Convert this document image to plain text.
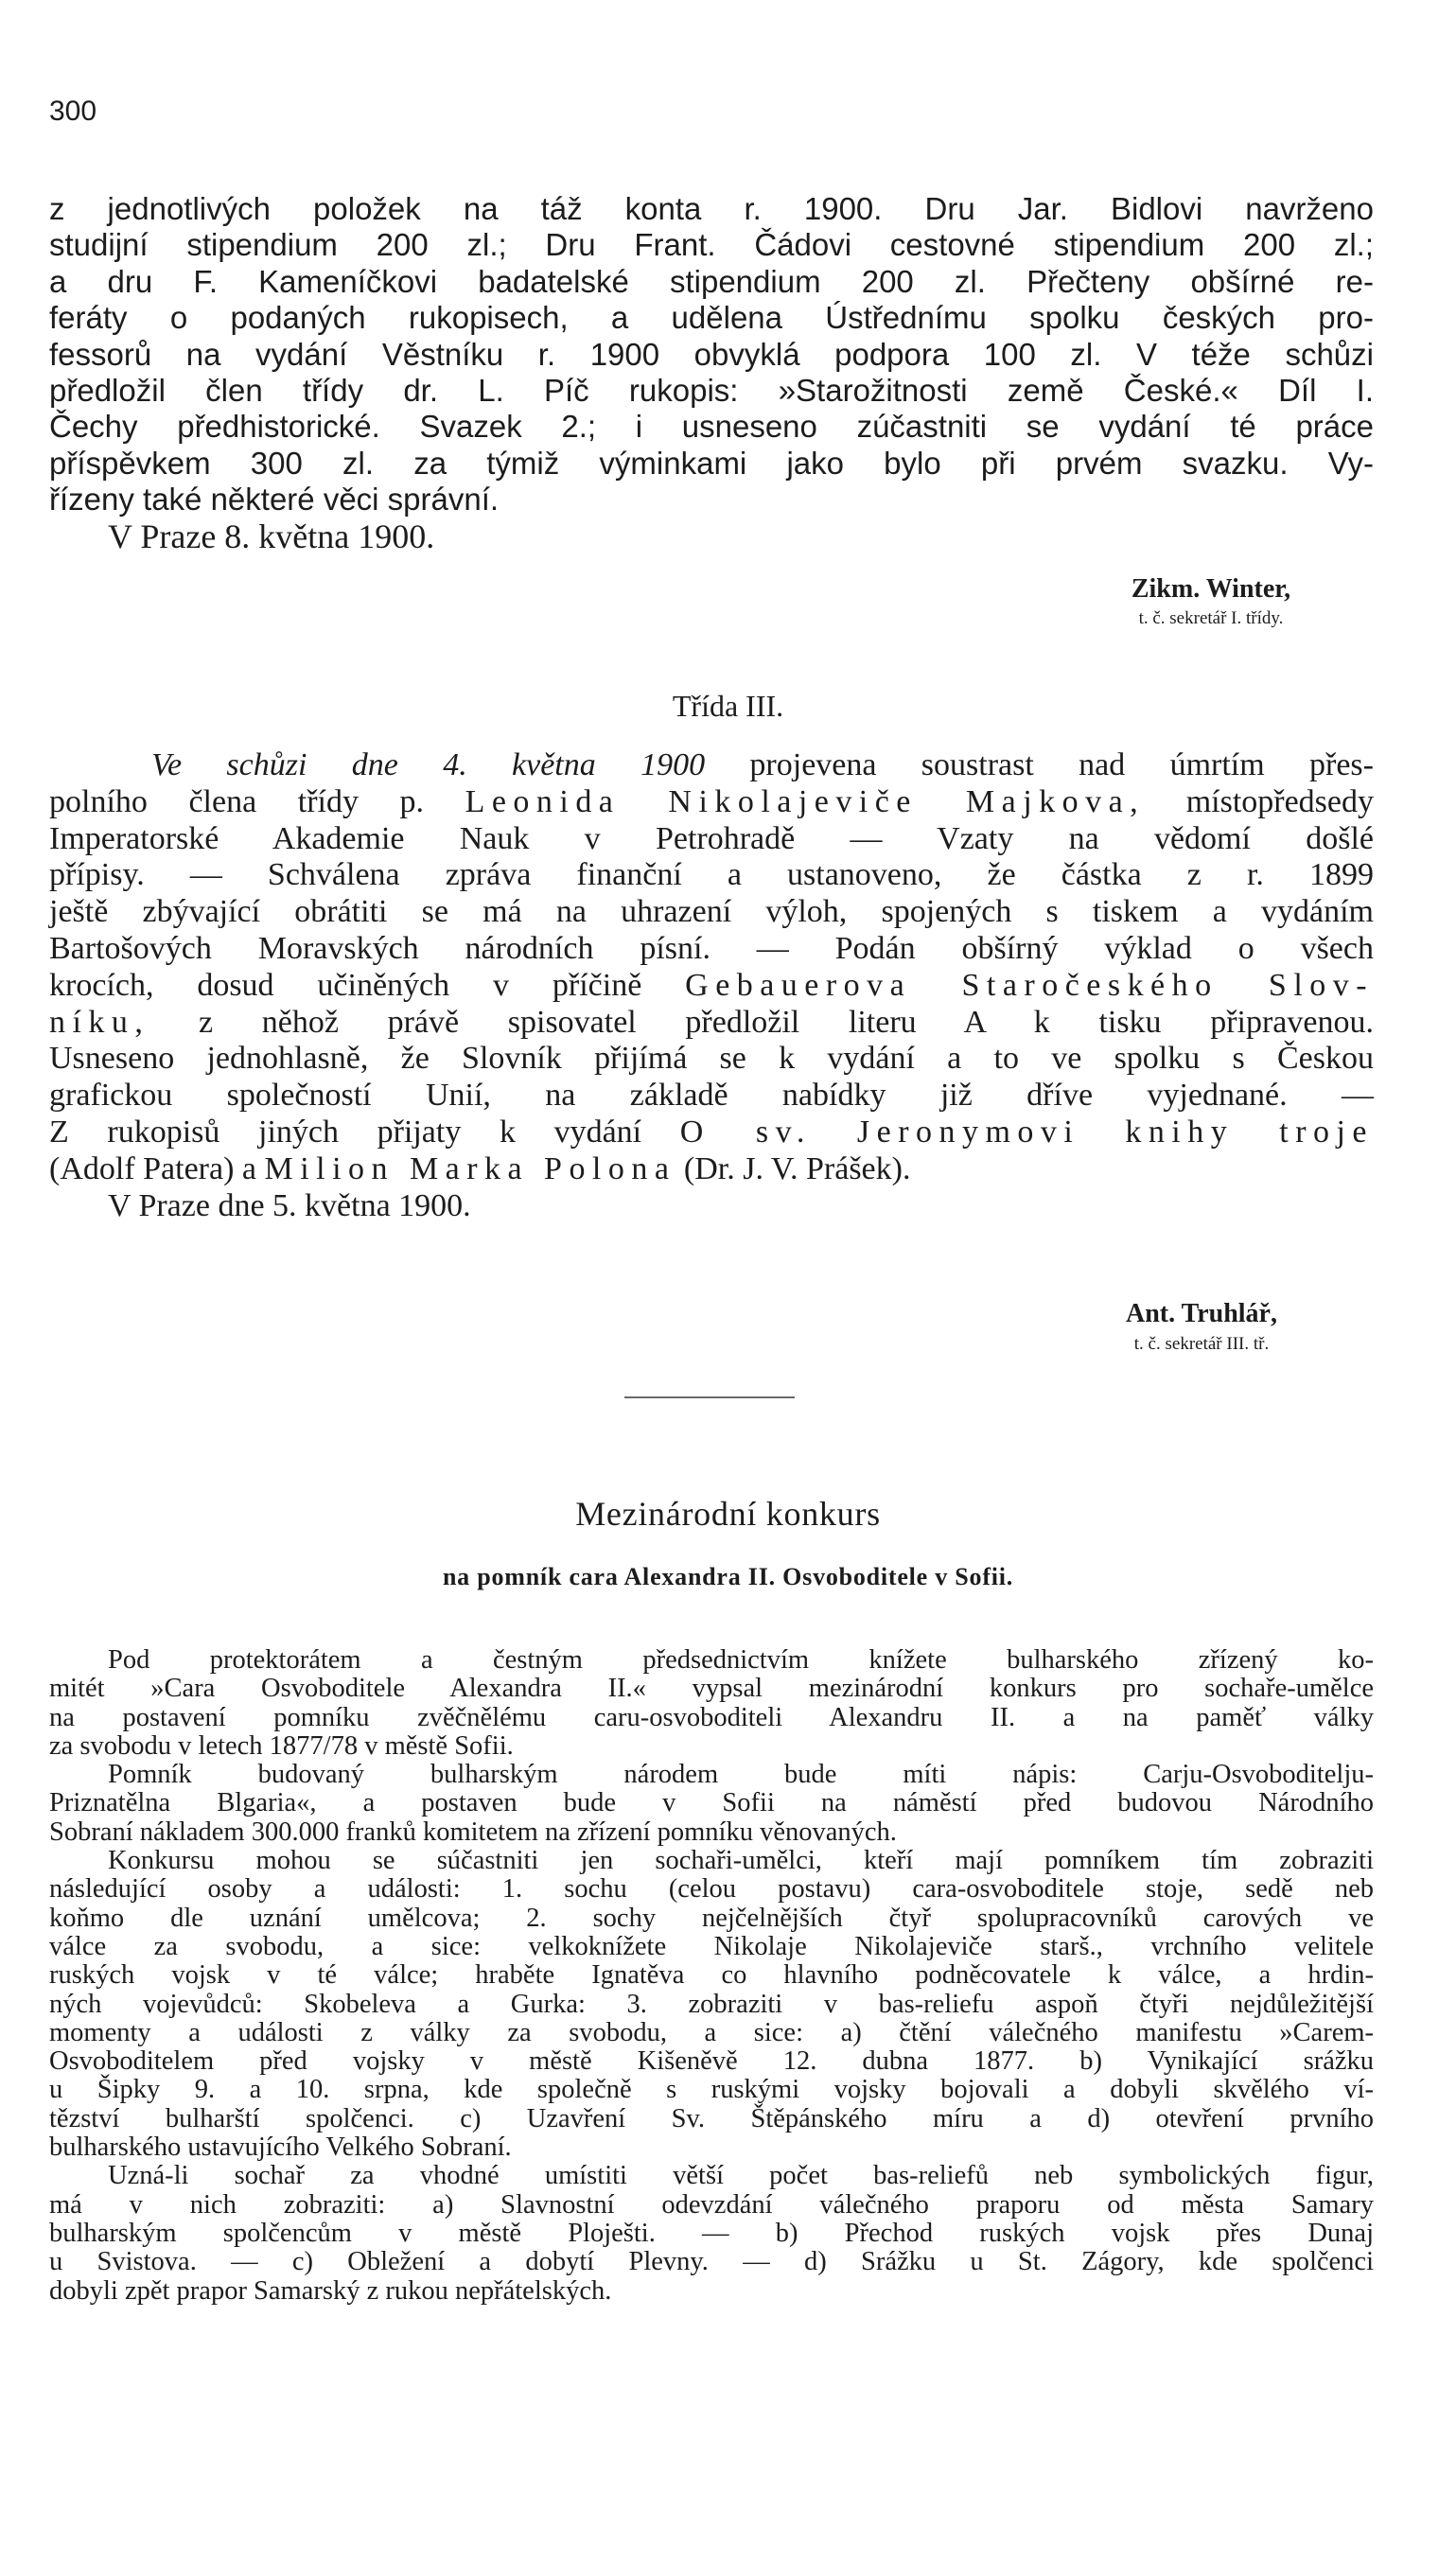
300
z jednotlivých položek na táž konta r. 1900. Dru Jar. Bidlovi navrženo
studijní stipendium 200 zl.; Dru Frant. Čádovi cestovné stipendium 200 zl.;
a dru F. Kameníčkovi badatelské stipendium 200 zl. Přečteny obšírné re-
feráty o podaných rukopisech, a udělena Ústřednímu spolku českých pro-
fessorů na vydání Věstníku r. 1900 obvyklá podpora 100 zl. V téže schůzi
předložil člen třídy dr. L. Píč rukopis: »Starožitnosti země České.« Díl I.
Čechy předhistorické. Svazek 2.; i usneseno zúčastniti se vydání té práce
příspěvkem 300 zl. za týmiž výminkami jako bylo při prvém svazku. Vy-
řízeny také některé věci správní.
V Praze 8. května 1900.
Zikm. Winter,
t. č. sekretář I. třídy.
Třída III.
Ve schůzi dne 4. května 1900 projevena soustrast nad úmrtím přes-
polního člena třídy p. Leonida Nikolajeviče Majkova, místopředsedy
Imperatorské Akademie Nauk v Petrohradě — Vzaty na vědomí došlé
přípisy. — Schválena zpráva finanční a ustanoveno, že částka z r. 1899
ještě zbývající obrátiti se má na uhrazení výloh, spojených s tiskem a vydáním
Bartošových Moravských národních písní. — Podán obšírný výklad o všech
krocích, dosud učiněných v příčině Gebauerova Staročeského Slov-
níku, z něhož právě spisovatel předložil literu A k tisku připravenou.
Usneseno jednohlasně, že Slovník přijímá se k vydání a to ve spolku s Českou
grafickou společností Unií, na základě nabídky již dříve vyjednané. —
Z rukopisů jiných přijaty k vydání O sv. Jeronymovi knihy troje
(Adolf Patera) a Milion Marka Polona (Dr. J. V. Prášek).
V Praze dne 5. května 1900.
Ant. Truhlář,
t. č. sekretář III. tř.
Mezinárodní konkurs
na pomník cara Alexandra II. Osvoboditele v Sofii.
Pod protektorátem a čestným předsednictvím knížete bulharského zřízený ko-
mitét »Cara Osvoboditele Alexandra II.« vypsal mezinárodní konkurs pro sochaře-umělce
na postavení pomníku zvěčnělému caru-osvoboditeli Alexandru II. a na paměť války
za svobodu v letech 1877/78 v městě Sofii.
Pomník budovaný bulharským národem bude míti nápis: Carju-Osvoboditelju-
Priznatělna Blgaria«, a postaven bude v Sofii na náměstí před budovou Národního
Sobraní nákladem 300.000 franků komitetem na zřízení pomníku věnovaných.
Konkursu mohou se súčastniti jen sochaři-umělci, kteří mají pomníkem tím zobraziti
následující osoby a události: 1. sochu (celou postavu) cara-osvoboditele stoje, sedě neb
koňmo dle uznání umělcova; 2. sochy nejčelnějších čtyř spolupracovníků carových ve
válce za svobodu, a sice: velkoknížete Nikolaje Nikolajeviče starš., vrchního velitele
ruských vojsk v té válce; hraběte Ignatěva co hlavního podněcovatele k válce, a hrdin-
ných vojevůdců: Skobeleva a Gurka: 3. zobraziti v bas-reliefu aspoň čtyři nejdůležitější
momenty a události z války za svobodu, a sice: a) čtění válečného manifestu »Carem-
Osvoboditelem před vojsky v městě Kišeněvě 12. dubna 1877. b) Vynikající srážku
u Šipky 9. a 10. srpna, kde společně s ruskými vojsky bojovali a dobyli skvělého ví-
tězství bulharští spolčenci. c) Uzavření Sv. Štěpánského míru a d) otevření prvního
bulharského ustavujícího Velkého Sobraní.
Uzná-li sochař za vhodné umístiti větší počet bas-reliefů neb symbolických figur,
má v nich zobraziti: a) Slavnostní odevzdání válečného praporu od města Samary
bulharským spolčencům v městě Ploješti. — b) Přechod ruských vojsk přes Dunaj
u Svistova. — c) Obležení a dobytí Plevny. — d) Srážku u St. Zágory, kde spolčenci
dobyli zpět prapor Samarský z rukou nepřátelských.
